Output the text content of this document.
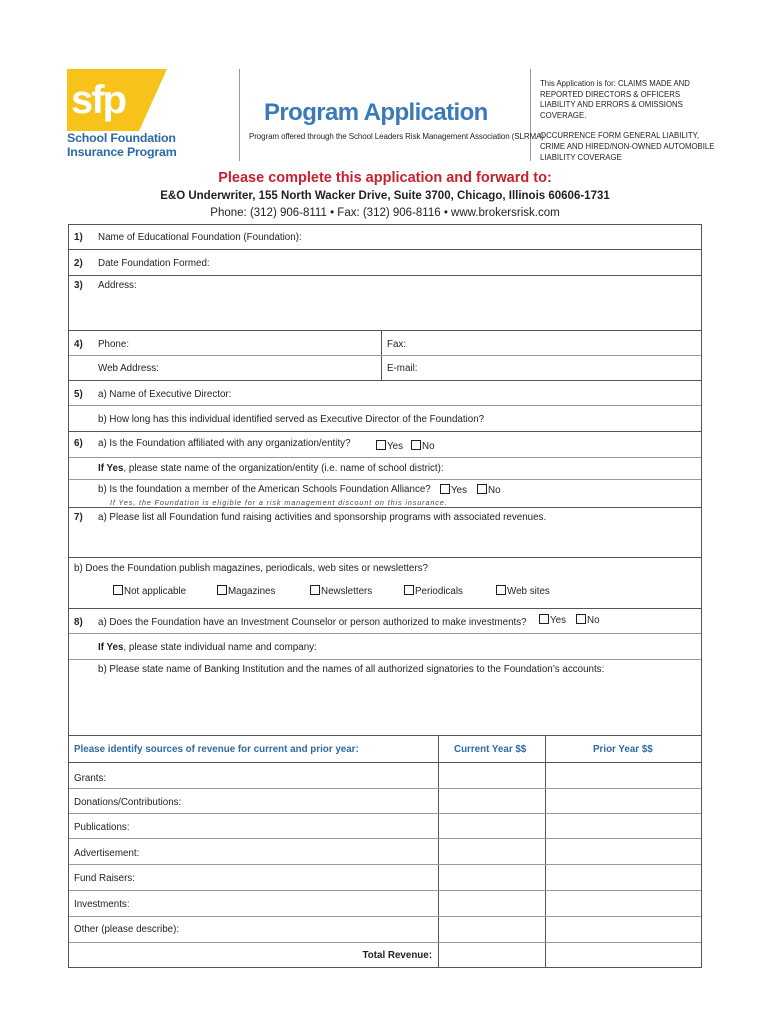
sfp
School Foundation
Insurance Program
Program Application
Program offered through the School Leaders Risk Management Association (SLRMA)

This Application is for: CLAIMS MADE AND REPORTED DIRECTORS & OFFICERS LIABILITY AND ERRORS & OMISSIONS COVERAGE.

OCCURRENCE FORM GENERAL LIABILITY, CRIME AND HIRED/NON-OWNED AUTOMOBILE LIABILITY COVERAGE

Please complete this application and forward to:
E&O Underwriter, 155 North Wacker Drive, Suite 3700, Chicago, Illinois 60606-1731
Phone: (312) 906-8111 • Fax: (312) 906-8116 • www.brokersrisk.com
1) Name of Educational Foundation (Foundation):
2) Date Foundation Formed:
3) Address:
4) Phone:	Fax:
Web Address:	E-mail:
5) a) Name of Executive Director:
b) How long has this individual identified served as Executive Director of the Foundation?
6) a) Is the Foundation affiliated with any organization/entity?	Yes	No
If Yes, please state name of the organization/entity (i.e. name of school district):
b) Is the foundation a member of the American Schools Foundation Alliance?	Yes	No
If Yes, the Foundation is eligible for a risk management discount on this insurance.
7) a) Please list all Foundation fund raising activities and sponsorship programs with associated revenues.
b) Does the Foundation publish magazines, periodicals, web sites or newsletters?
Not applicable	Magazines	Newsletters	Periodicals	Web sites
8) a) Does the Foundation have an Investment Counselor or person authorized to make investments?	Yes	No
If Yes, please state individual name and company:
b) Please state name of Banking Institution and the names of all authorized signatories to the Foundation’s accounts:
Please identify sources of revenue for current and prior year:	Current Year $$	Prior Year $$
Grants:
Donations/Contributions:
Publications:
Advertisement:
Fund Raisers:
Investments:
Other (please describe):
Total Revenue:
